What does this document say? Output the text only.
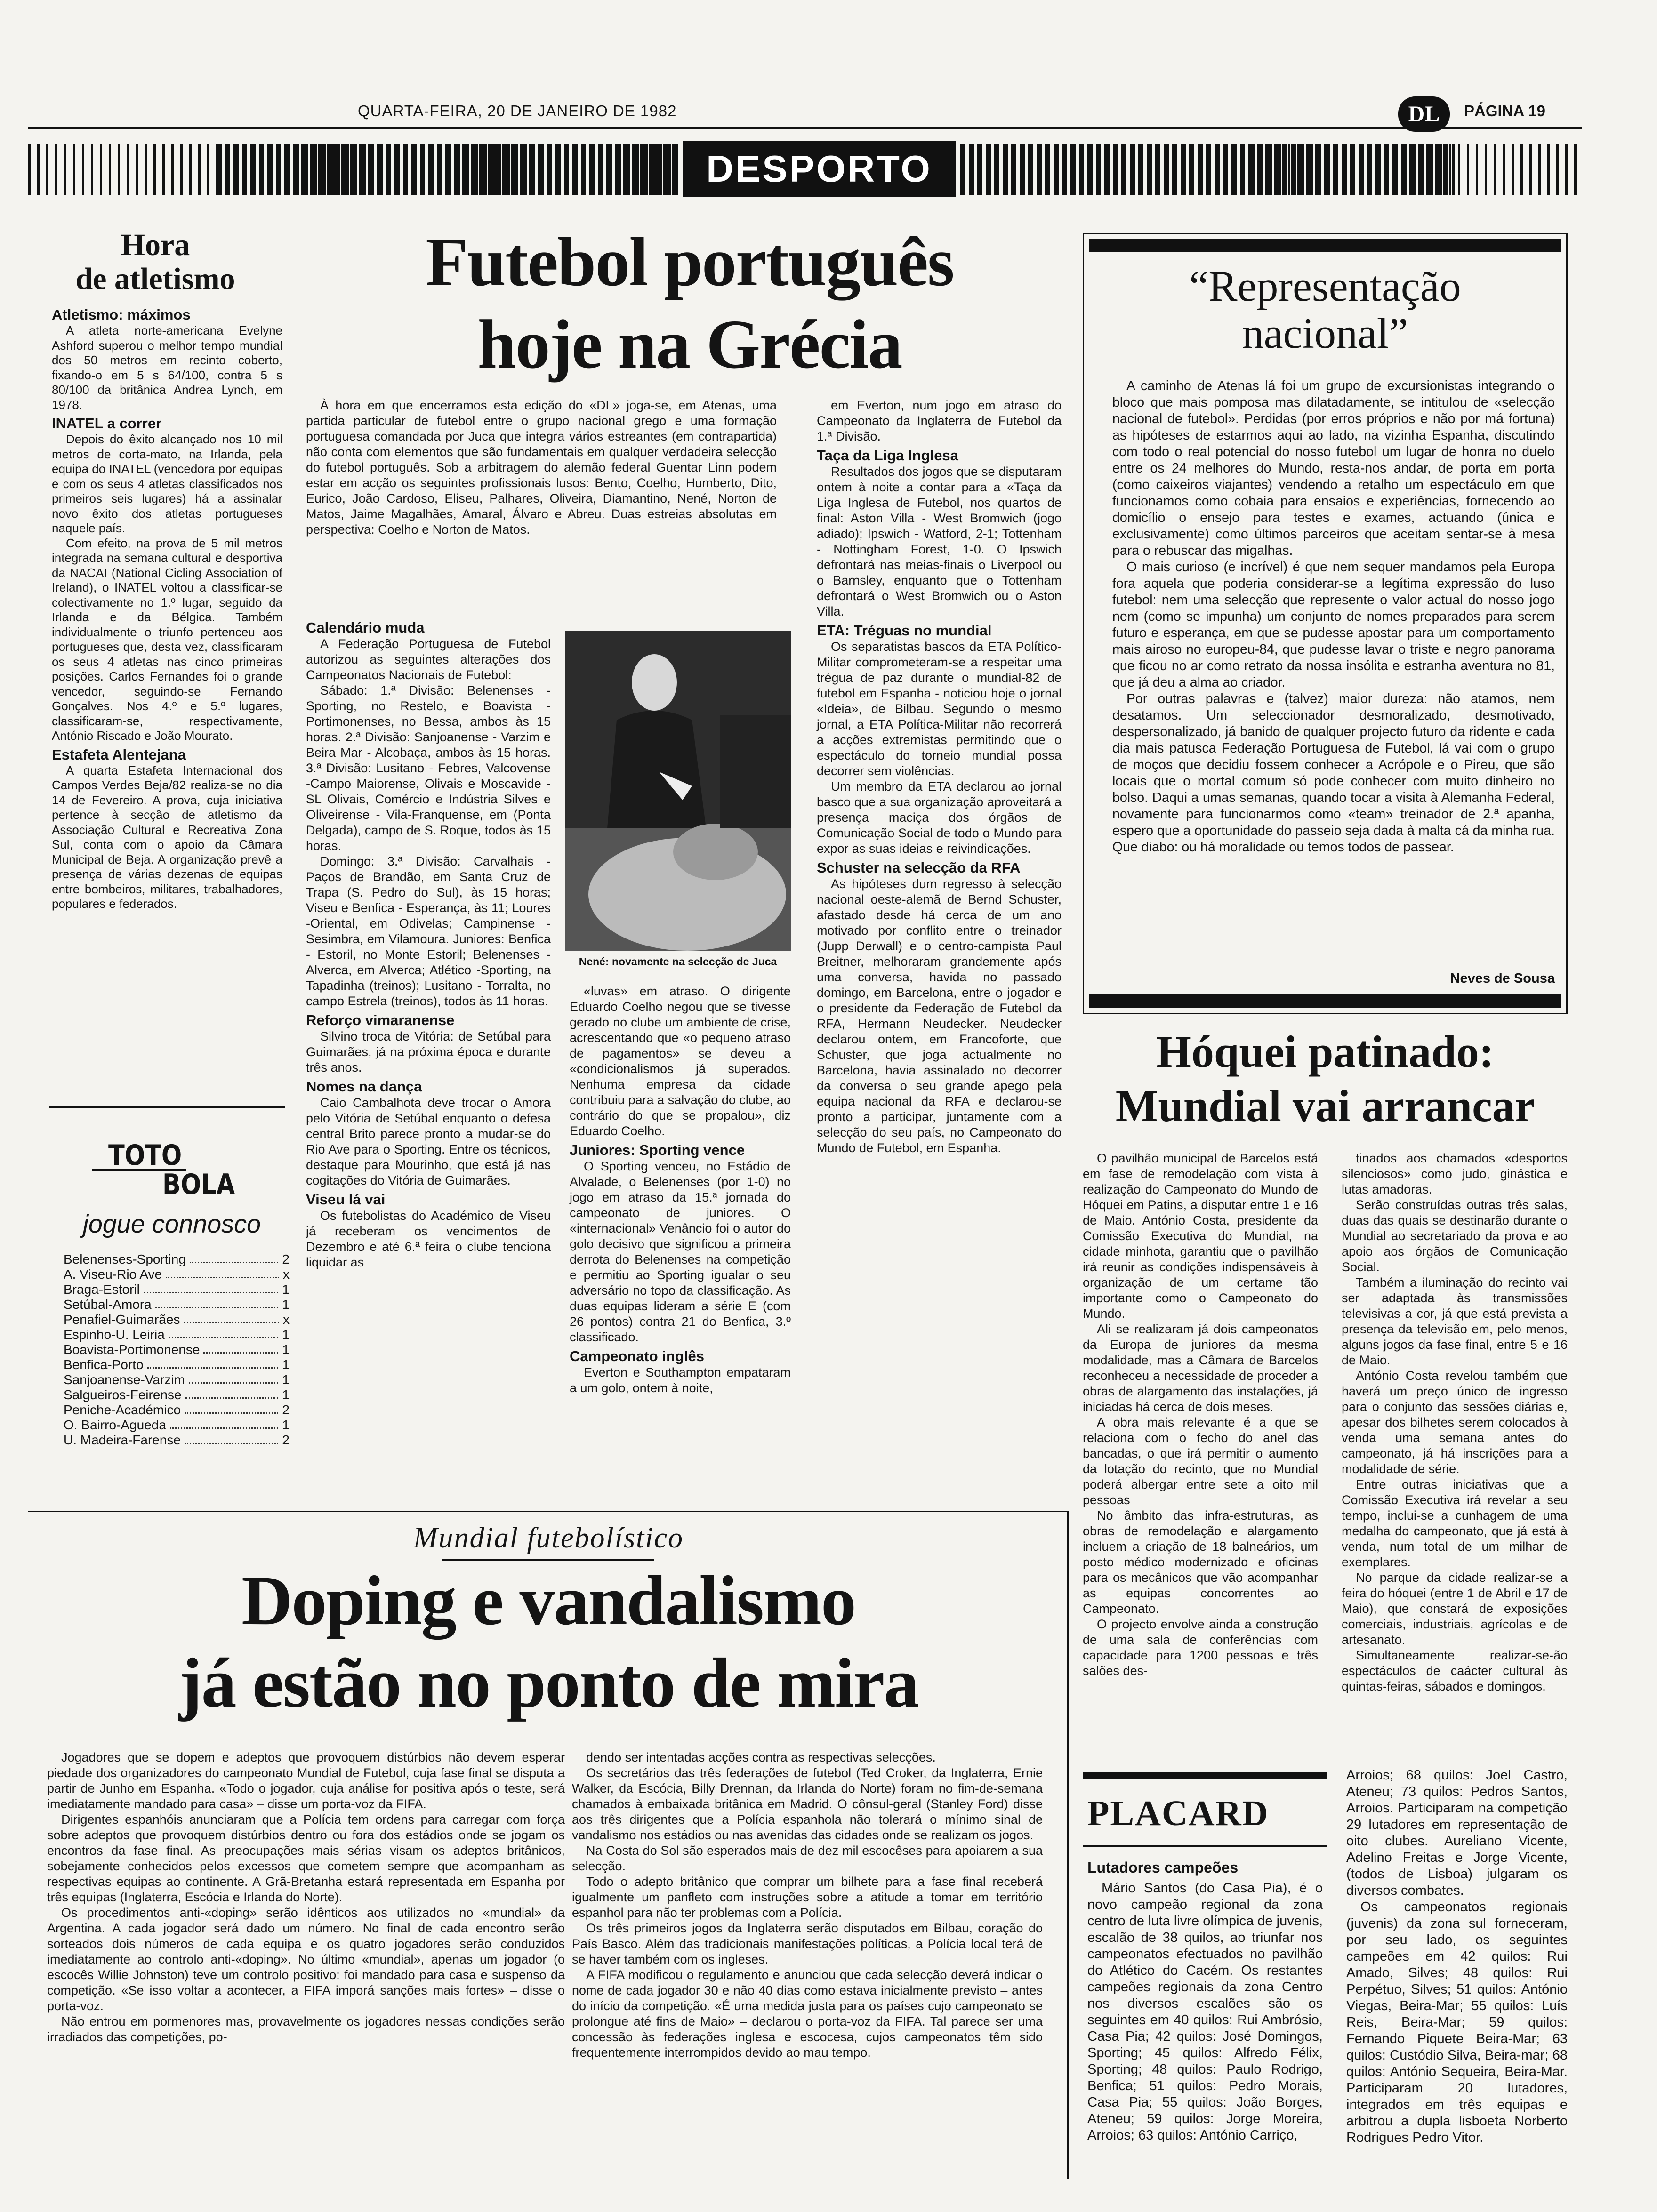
QUARTA-FEIRA, 20 DE JANEIRO DE 1982	DL	PÁGINA 19
DESPORTO
Hora
de atletismo

Atletismo: máximos

A atleta norte-americana Evelyne Ashford superou o melhor tempo mundial dos 50 metros em recinto coberto, fixando-o em 5 s 64/100, contra 5 s 80/100 da britânica Andrea Lynch, em 1978.

INATEL a correr

Depois do êxito alcançado nos 10 mil metros de corta-mato, na Irlanda, pela equipa do INATEL (vencedora por equipas e com os seus 4 atletas classificados nos primeiros seis lugares) há a assinalar novo êxito dos atletas portugueses naquele país.

Com efeito, na prova de 5 mil metros integrada na semana cultural e desportiva da NACAI (National Cicling Association of Ireland), o INATEL voltou a classificar-se colectivamente no 1.º lugar, seguido da Irlanda e da Bélgica. Também individualmente o triunfo pertenceu aos portugueses que, desta vez, classificaram os seus 4 atletas nas cinco primeiras posições. Carlos Fernandes foi o grande vencedor, seguindo-se Fernando Gonçalves. Nos 4.º e 5.º lugares, classificaram-se, respectivamente, António Riscado e João Mourato.

Estafeta Alentejana

A quarta Estafeta Internacional dos Campos Verdes Beja/82 realiza-se no dia 14 de Fevereiro. A prova, cuja iniciativa pertence à secção de atletismo da Associação Cultural e Recreativa Zona Sul, conta com o apoio da Câmara Municipal de Beja. A organização prevê a presença de várias dezenas de equipas entre bombeiros, militares, trabalhadores, populares e federados.

TOTO
BOLA
jogue connosco
Belenenses-Sporting	2
A. Viseu-Rio Ave	x
Braga-Estoril	1
Setúbal-Amora	1
Penafiel-Guimarães	x
Espinho-U. Leiria	1
Boavista-Portimonense	1
Benfica-Porto	1
Sanjoanense-Varzim	1
Salgueiros-Feirense	1
Peniche-Académico	2
O. Bairro-Agueda	1
U. Madeira-Farense	2
Futebol português
hoje na Grécia

À hora em que encerramos esta edição do «DL» joga-se, em Atenas, uma partida particular de futebol entre o grupo nacional grego e uma formação portuguesa comandada por Juca que integra vários estreantes (em contrapartida) não conta com elementos que são fundamentais em qualquer verdadeira selecção do futebol português. Sob a arbitragem do alemão federal Guentar Linn podem estar em acção os seguintes profissionais lusos: Bento, Coelho, Humberto, Dito, Eurico, João Cardoso, Eliseu, Palhares, Oliveira, Diamantino, Nené, Norton de Matos, Jaime Magalhães, Amaral, Álvaro e Abreu. Duas estreias absolutas em perspectiva: Coelho e Norton de Matos.

Calendário muda

A Federação Portuguesa de Futebol autorizou as seguintes alterações dos Campeonatos Nacionais de Futebol:

Sábado: 1.ª Divisão: Belenenses - Sporting, no Restelo, e Boavista - Portimonenses, no Bessa, ambos às 15 horas. 2.ª Divisão: Sanjoanense - Varzim e Beira Mar - Alcobaça, ambos às 15 horas. 3.ª Divisão: Lusitano - Febres, Valcovense -Campo Maiorense, Olivais e Moscavide - SL Olivais, Comércio e Indústria Silves e Oliveirense - Vila-Franquense, em (Ponta Delgada), campo de S. Roque, todos às 15 horas.

Domingo: 3.ª Divisão: Carvalhais - Paços de Brandão, em Santa Cruz de Trapa (S. Pedro do Sul), às 15 horas; Viseu e Benfica - Esperança, às 11; Loures -Oriental, em Odivelas; Campinense - Sesimbra, em Vilamoura. Juniores: Benfica - Estoril, no Monte Estoril; Belenenses - Alverca, em Alverca; Atlético -Sporting, na Tapadinha (treinos); Lusitano - Torralta, no campo Estrela (treinos), todos às 11 horas.

Reforço vimaranense

Silvino troca de Vitória: de Setúbal para Guimarães, já na próxima época e durante três anos.

Nomes na dança

Caio Cambalhota deve trocar o Amora pelo Vitória de Setúbal enquanto o defesa central Brito parece pronto a mudar-se do Rio Ave para o Sporting. Entre os técnicos, destaque para Mourinho, que está já nas cogitações do Vitória de Guimarães.

Viseu lá vai

Os futebolistas do Académico de Viseu já receberam os vencimentos de Dezembro e até 6.ª feira o clube tenciona liquidar as

Nené: novamente na selecção de Juca

«luvas» em atraso. O dirigente Eduardo Coelho negou que se tivesse gerado no clube um ambiente de crise, acrescentando que «o pequeno atraso de pagamentos» se deveu a «condicionalismos já superados. Nenhuma empresa da cidade contribuiu para a salvação do clube, ao contrário do que se propalou», diz Eduardo Coelho.

Juniores: Sporting vence

O Sporting venceu, no Estádio de Alvalade, o Belenenses (por 1-0) no jogo em atraso da 15.ª jornada do campeonato de juniores. O «internacional» Venâncio foi o autor do golo decisivo que significou a primeira derrota do Belenenses na competição e permitiu ao Sporting igualar o seu adversário no topo da classificação. As duas equipas lideram a série E (com 26 pontos) contra 21 do Benfica, 3.º classificado.

Campeonato inglês

Everton e Southampton empataram a um golo, ontem à noite,

em Everton, num jogo em atraso do Campeonato da Inglaterra de Futebol da 1.ª Divisão.

Taça da Liga Inglesa

Resultados dos jogos que se disputaram ontem à noite a contar para a «Taça da Liga Inglesa de Futebol, nos quartos de final: Aston Villa - West Bromwich (jogo adiado); Ipswich - Watford, 2-1; Tottenham - Nottingham Forest, 1-0. O Ipswich defrontará nas meias-finais o Liverpool ou o Barnsley, enquanto que o Tottenham defrontará o West Bromwich ou o Aston Villa.

ETA: Tréguas no mundial

Os separatistas bascos da ETA Político-Militar comprometeram-se a respeitar uma trégua de paz durante o mundial-82 de futebol em Espanha - noticiou hoje o jornal «Ideia», de Bilbau. Segundo o mesmo jornal, a ETA Política-Militar não recorrerá a acções extremistas permitindo que o espectáculo do torneio mundial possa decorrer sem violências.

Um membro da ETA declarou ao jornal basco que a sua organização aproveitará a presença maciça dos órgãos de Comunicação Social de todo o Mundo para expor as suas ideias e reivindicações.

Schuster na selecção da RFA

As hipóteses dum regresso à selecção nacional oeste-alemã de Bernd Schuster, afastado desde há cerca de um ano motivado por conflito entre o treinador (Jupp Derwall) e o centro-campista Paul Breitner, melhoraram grandemente após uma conversa, havida no passado domingo, em Barcelona, entre o jogador e o presidente da Federação de Futebol da RFA, Hermann Neudecker. Neudecker declarou ontem, em Francoforte, que Schuster, que joga actualmente no Barcelona, havia assinalado no decorrer da conversa o seu grande apego pela equipa nacional da RFA e declarou-se pronto a participar, juntamente com a selecção do seu país, no Campeonato do Mundo de Futebol, em Espanha.

“Representação
nacional”

A caminho de Atenas lá foi um grupo de excursionistas integrando o bloco que mais pomposa mas dilatadamente, se intitulou de «selecção nacional de futebol». Perdidas (por erros próprios e não por má fortuna) as hipóteses de estarmos aqui ao lado, na vizinha Espanha, discutindo com todo o real potencial do nosso futebol um lugar de honra no duelo entre os 24 melhores do Mundo, resta-nos andar, de porta em porta (como caixeiros viajantes) vendendo a retalho um espectáculo em que funcionamos como cobaia para ensaios e experiências, fornecendo ao domicílio o ensejo para testes e exames, actuando (única e exclusivamente) como últimos parceiros que aceitam sentar-se à mesa para o rebuscar das migalhas.

O mais curioso (e incrível) é que nem sequer mandamos pela Europa fora aquela que poderia considerar-se a legítima expressão do luso futebol: nem uma selecção que represente o valor actual do nosso jogo nem (como se impunha) um conjunto de nomes preparados para serem futuro e esperança, em que se pudesse apostar para um comportamento mais airoso no europeu-84, que pudesse lavar o triste e negro panorama que ficou no ar como retrato da nossa insólita e estranha aventura no 81, que já deu a alma ao criador.

Por outras palavras e (talvez) maior dureza: não atamos, nem desatamos. Um seleccionador desmoralizado, desmotivado, despersonalizado, já banido de qualquer projecto futuro da ridente e cada dia mais patusca Federação Portuguesa de Futebol, lá vai com o grupo de moços que decidiu fossem conhecer a Acrópole e o Pireu, que são locais que o mortal comum só pode conhecer com muito dinheiro no bolso. Daqui a umas semanas, quando tocar a visita à Alemanha Federal, novamente para funcionarmos como «team» treinador de 2.ª apanha, espero que a oportunidade do passeio seja dada à malta cá da minha rua. Que diabo: ou há moralidade ou temos todos de passear.

Neves de Sousa
Hóquei patinado:
Mundial vai arrancar

O pavilhão municipal de Barcelos está em fase de remodelação com vista à realização do Campeonato do Mundo de Hóquei em Patins, a disputar entre 1 e 16 de Maio. António Costa, presidente da Comissão Executiva do Mundial, na cidade minhota, garantiu que o pavilhão irá reunir as condições indispensáveis à organização de um certame tão importante como o Campeonato do Mundo.

Ali se realizaram já dois campeonatos da Europa de juniores da mesma modalidade, mas a Câmara de Barcelos reconheceu a necessidade de proceder a obras de alargamento das instalações, já iniciadas há cerca de dois meses.

A obra mais relevante é a que se relaciona com o fecho do anel das bancadas, o que irá permitir o aumento da lotação do recinto, que no Mundial poderá albergar entre sete a oito mil pessoas

No âmbito das infra-estruturas, as obras de remodelação e alargamento incluem a criação de 18 balneários, um posto médico modernizado e oficinas para os mecânicos que vão acompanhar as equipas concorrentes ao Campeonato.

O projecto envolve ainda a construção de uma sala de conferências com capacidade para 1200 pessoas e três salões des-

tinados aos chamados «desportos silenciosos» como judo, ginástica e lutas amadoras.

Serão construídas outras três salas, duas das quais se destinarão durante o Mundial ao secretariado da prova e ao apoio aos órgãos de Comunicação Social.

Também a iluminação do recinto vai ser adaptada às transmissões televisivas a cor, já que está prevista a presença da televisão em, pelo menos, alguns jogos da fase final, entre 5 e 16 de Maio.

António Costa revelou também que haverá um preço único de ingresso para o conjunto das sessões diárias e, apesar dos bilhetes serem colocados à venda uma semana antes do campeonato, já há inscrições para a modalidade de série.

Entre outras iniciativas que a Comissão Executiva irá revelar a seu tempo, inclui-se a cunhagem de uma medalha do campeonato, que já está à venda, num total de um milhar de exemplares.

No parque da cidade realizar-se a feira do hóquei (entre 1 de Abril e 17 de Maio), que constará de exposições comerciais, industriais, agrícolas e de artesanato.

Simultaneamente realizar-se-ão espectáculos de caácter cultural às quintas-feiras, sábados e domingos.

PLACARD
Lutadores campeões

Mário Santos (do Casa Pia), é o novo campeão regional da zona centro de luta livre olímpica de juvenis, escalão de 38 quilos, ao triunfar nos campeonatos efectuados no pavilhão do Atlético do Cacém. Os restantes campeões regionais da zona Centro nos diversos escalões são os seguintes em 40 quilos: Rui Ambrósio, Casa Pia; 42 quilos: José Domingos, Sporting; 45 quilos: Alfredo Félix, Sporting; 48 quilos: Paulo Rodrigo, Benfica; 51 quilos: Pedro Morais, Casa Pia; 55 quilos: João Borges, Ateneu; 59 quilos: Jorge Moreira, Arroios; 63 quilos: António Carriço,

Arroios; 68 quilos: Joel Castro, Ateneu; 73 quilos: Pedros Santos, Arroios. Participaram na competição 29 lutadores em representação de oito clubes. Aureliano Vicente, Adelino Freitas e Jorge Vicente, (todos de Lisboa) julgaram os diversos combates.

Os campeonatos regionais (juvenis) da zona sul forneceram, por seu lado, os seguintes campeões em 42 quilos: Rui Amado, Silves; 48 quilos: Rui Perpétuo, Silves; 51 quilos: António Viegas, Beira-Mar; 55 quilos: Luís Reis, Beira-Mar; 59 quilos: Fernando Piquete Beira-Mar; 63 quilos: Custódio Silva, Beira-mar; 68 quilos: António Sequeira, Beira-Mar. Participaram 20 lutadores, integrados em três equipas e arbitrou a dupla lisboeta Norberto Rodrigues Pedro Vitor.

Mundial futebolístico
Doping e vandalismo
já estão no ponto de mira

Jogadores que se dopem e adeptos que provoquem distúrbios não devem esperar piedade dos organizadores do campeonato Mundial de Futebol, cuja fase final se disputa a partir de Junho em Espanha. «Todo o jogador, cuja análise for positiva após o teste, será imediatamente mandado para casa» – disse um porta-voz da FIFA.

Dirigentes espanhóis anunciaram que a Polícia tem ordens para carregar com força sobre adeptos que provoquem distúrbios dentro ou fora dos estádios onde se jogam os encontros da fase final. As preocupações mais sérias visam os adeptos britânicos, sobejamente conhecidos pelos excessos que cometem sempre que acompanham as respectivas equipas ao continente. A Grã-Bretanha estará representada em Espanha por três equipas (Inglaterra, Escócia e Irlanda do Norte).

Os procedimentos anti-«doping» serão idênticos aos utilizados no «mundial» da Argentina. A cada jogador será dado um número. No final de cada encontro serão sorteados dois números de cada equipa e os quatro jogadores serão conduzidos imediatamente ao controlo anti-«doping». No último «mundial», apenas um jogador (o escocês Willie Johnston) teve um controlo positivo: foi mandado para casa e suspenso da competição. «Se isso voltar a acontecer, a FIFA imporá sanções mais fortes» – disse o porta-voz.

Não entrou em pormenores mas, provavelmente os jogadores nessas condições serão irradiados das competições, po-

dendo ser intentadas acções contra as respectivas selecções.

Os secretários das três federações de futebol (Ted Croker, da Inglaterra, Ernie Walker, da Escócia, Billy Drennan, da Irlanda do Norte) foram no fim-de-semana chamados à embaixada britânica em Madrid. O cônsul-geral (Stanley Ford) disse aos três dirigentes que a Polícia espanhola não tolerará o mínimo sinal de vandalismo nos estádios ou nas avenidas das cidades onde se realizam os jogos.

Na Costa do Sol são esperados mais de dez mil escocêses para apoiarem a sua selecção.

Todo o adepto britânico que comprar um bilhete para a fase final receberá igualmente um panfleto com instruções sobre a atitude a tomar em território espanhol para não ter problemas com a Polícia.

Os três primeiros jogos da Inglaterra serão disputados em Bilbau, coração do País Basco. Além das tradicionais manifestações políticas, a Polícia local terá de se haver também com os ingleses.

A FIFA modificou o regulamento e anunciou que cada selecção deverá indicar o nome de cada jogador 30 e não 40 dias como estava inicialmente previsto – antes do início da competição. «É uma medida justa para os países cujo campeonato se prolongue até fins de Maio» – declarou o porta-voz da FIFA. Tal parece ser uma concessão às federações inglesa e escocesa, cujos campeonatos têm sido frequentemente interrompidos devido ao mau tempo.
